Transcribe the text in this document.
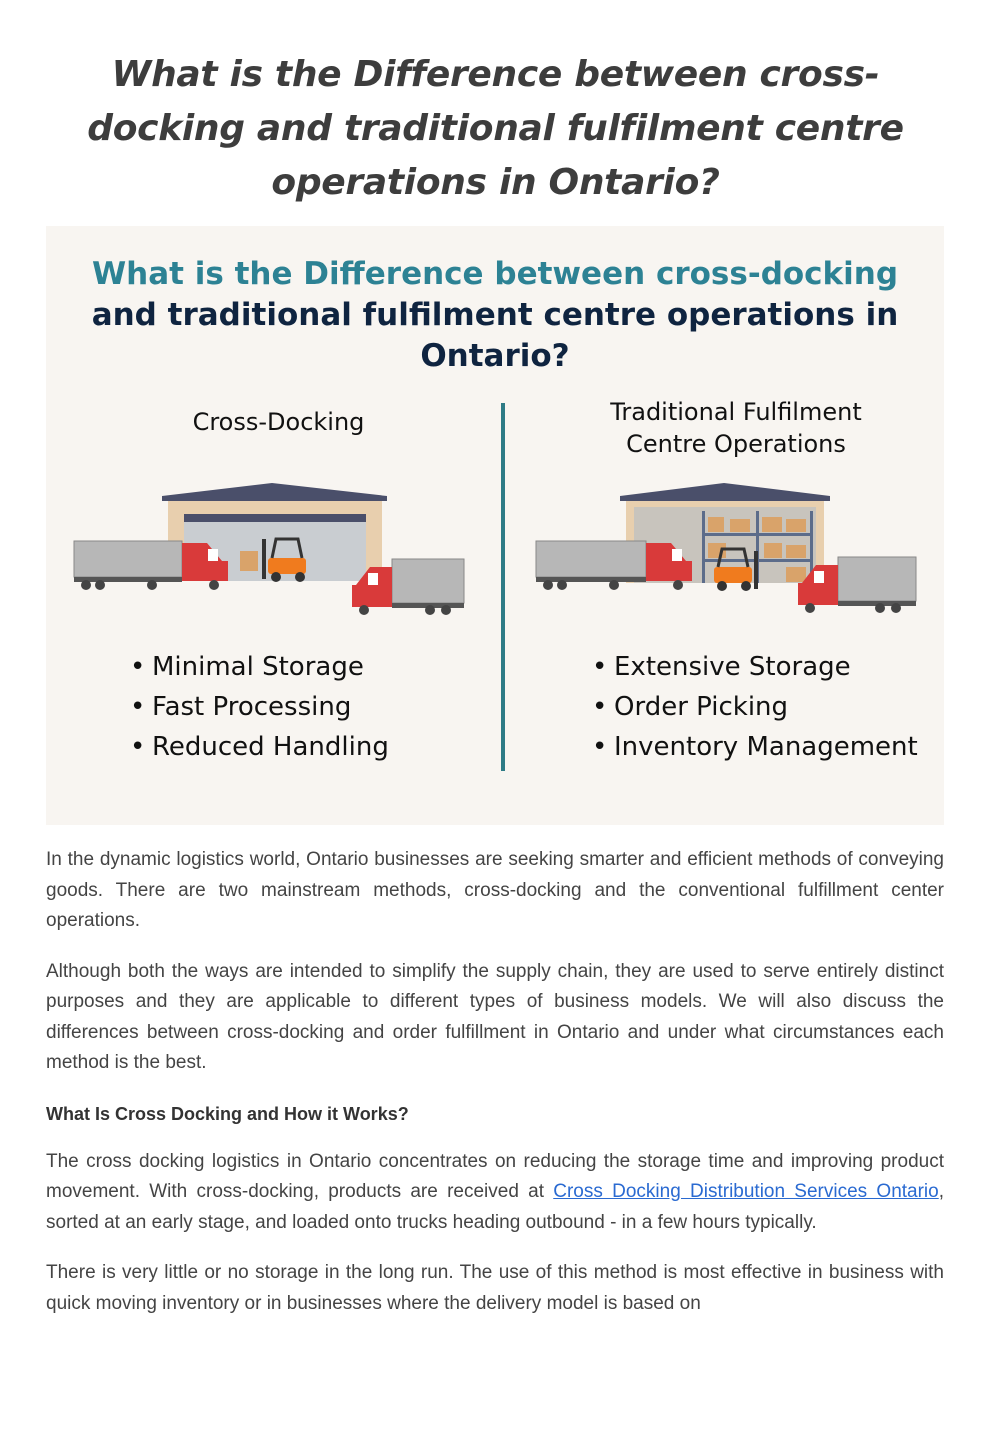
What is the Difference between cross-docking and traditional fulfilment centre operations in Ontario?
What is the Difference between cross-docking
and traditional fulfilment centre operations in
Ontario?
Cross-Docking	Traditional Fulfilment
Centre Operations
• Minimal Storage
• Fast Processing
• Reduced Handling
• Extensive Storage
• Order Picking
• Inventory Management

In the dynamic logistics world, Ontario businesses are seeking smarter and efficient methods of conveying goods. There are two mainstream methods, cross-docking and the conventional fulfillment center operations.

Although both the ways are intended to simplify the supply chain, they are used to serve entirely distinct purposes and they are applicable to different types of business models. We will also discuss the differences between cross-docking and order fulfillment in Ontario and under what circumstances each method is the best.

What Is Cross Docking and How it Works?

The cross docking logistics in Ontario concentrates on reducing the storage time and improving product movement. With cross-docking, products are received at Cross Docking Distribution Services Ontario, sorted at an early stage, and loaded onto trucks heading outbound - in a few hours typically.

There is very little or no storage in the long run. The use of this method is most effective in business with quick moving inventory or in businesses where the delivery model is based on
